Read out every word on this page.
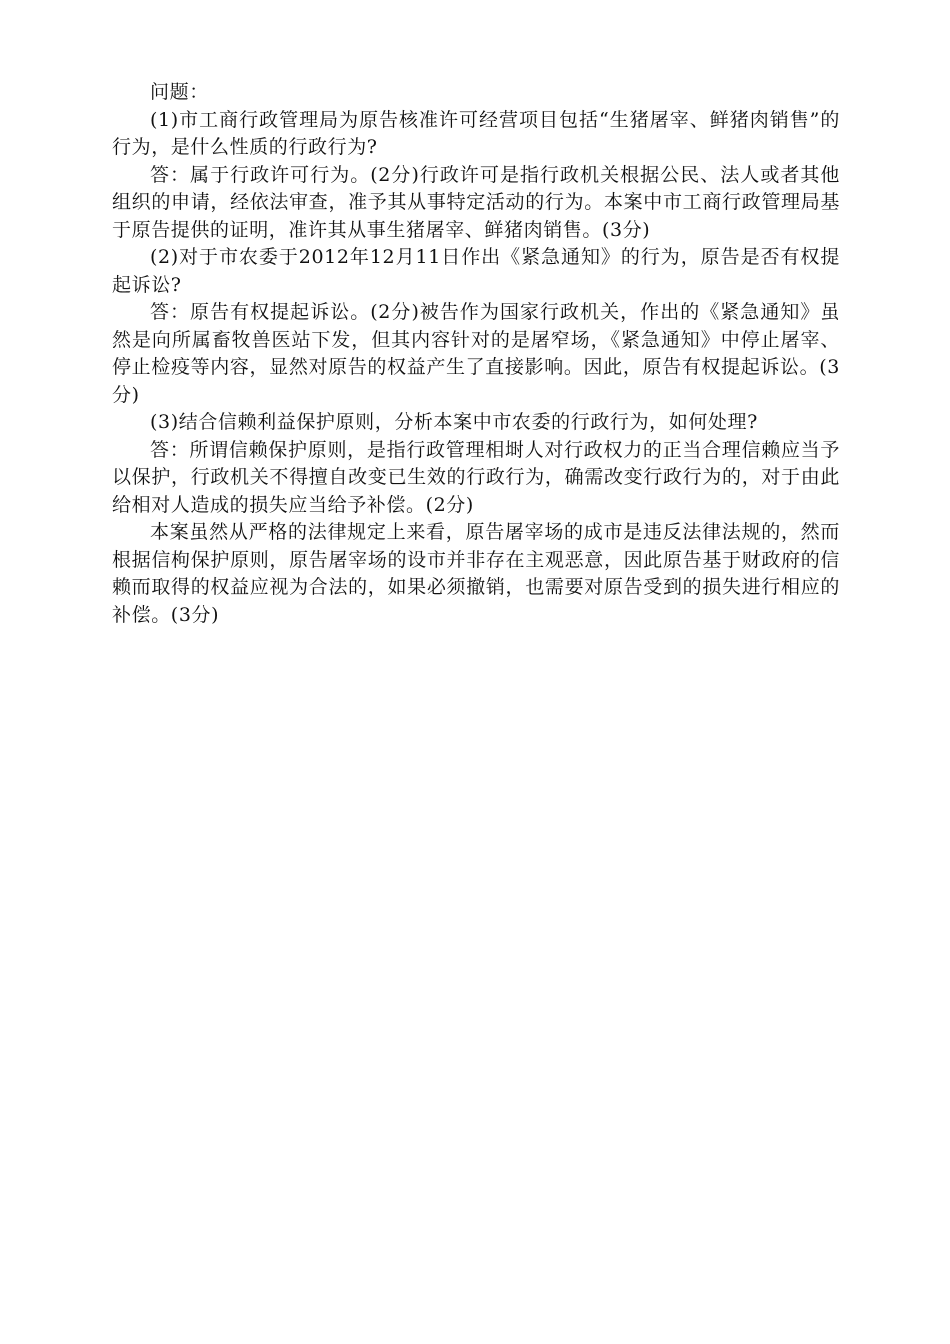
问题：

(1)市工商行政管理局为原告核准许可经营项目包括“生猪屠宰、鲜猪肉销售”的行为，是什么性质的行政行为?

答：属于行政许可行为。(2分)行政许可是指行政机关根据公民、法人或者其他组织的申请，经依法审查，准予其从事特定活动的行为。本案中市工商行政管理局基于原告提供的证明，准许其从事生猪屠宰、鲜猪肉销售。(3分)

(2)对于市农委于2012年12月11日作出《紧急通知》的行为，原告是否有权提起诉讼?

答：原告有权提起诉讼。(2分)被告作为国家行政机关，作出的《紧急通知》虽然是向所属畜牧兽医站下发，但其内容针对的是屠窄场，《紧急通知》中停止屠宰、停止检疫等内容，显然对原告的权益产生了直接影响。因此，原告有权提起诉讼。(3分)

(3)结合信赖利益保护原则，分析本案中市农委的行政行为，如何处理?

答：所谓信赖保护原则，是指行政管理相埘人对行政权力的正当合理信赖应当予以保护，行政机关不得擅自改变已生效的行政行为，确需改变行政行为的，对于由此给相对人造成的损失应当给予补偿。(2分)

本案虽然从严格的法律规定上来看，原告屠宰场的成市是违反法律法规的，然而根据信枸保护原则，原告屠宰场的设市并非存在主观恶意，因此原告基于财政府的信赖而取得的权益应视为合法的，如果必须撤销，也需要对原告受到的损失进行相应的补偿。(3分)
